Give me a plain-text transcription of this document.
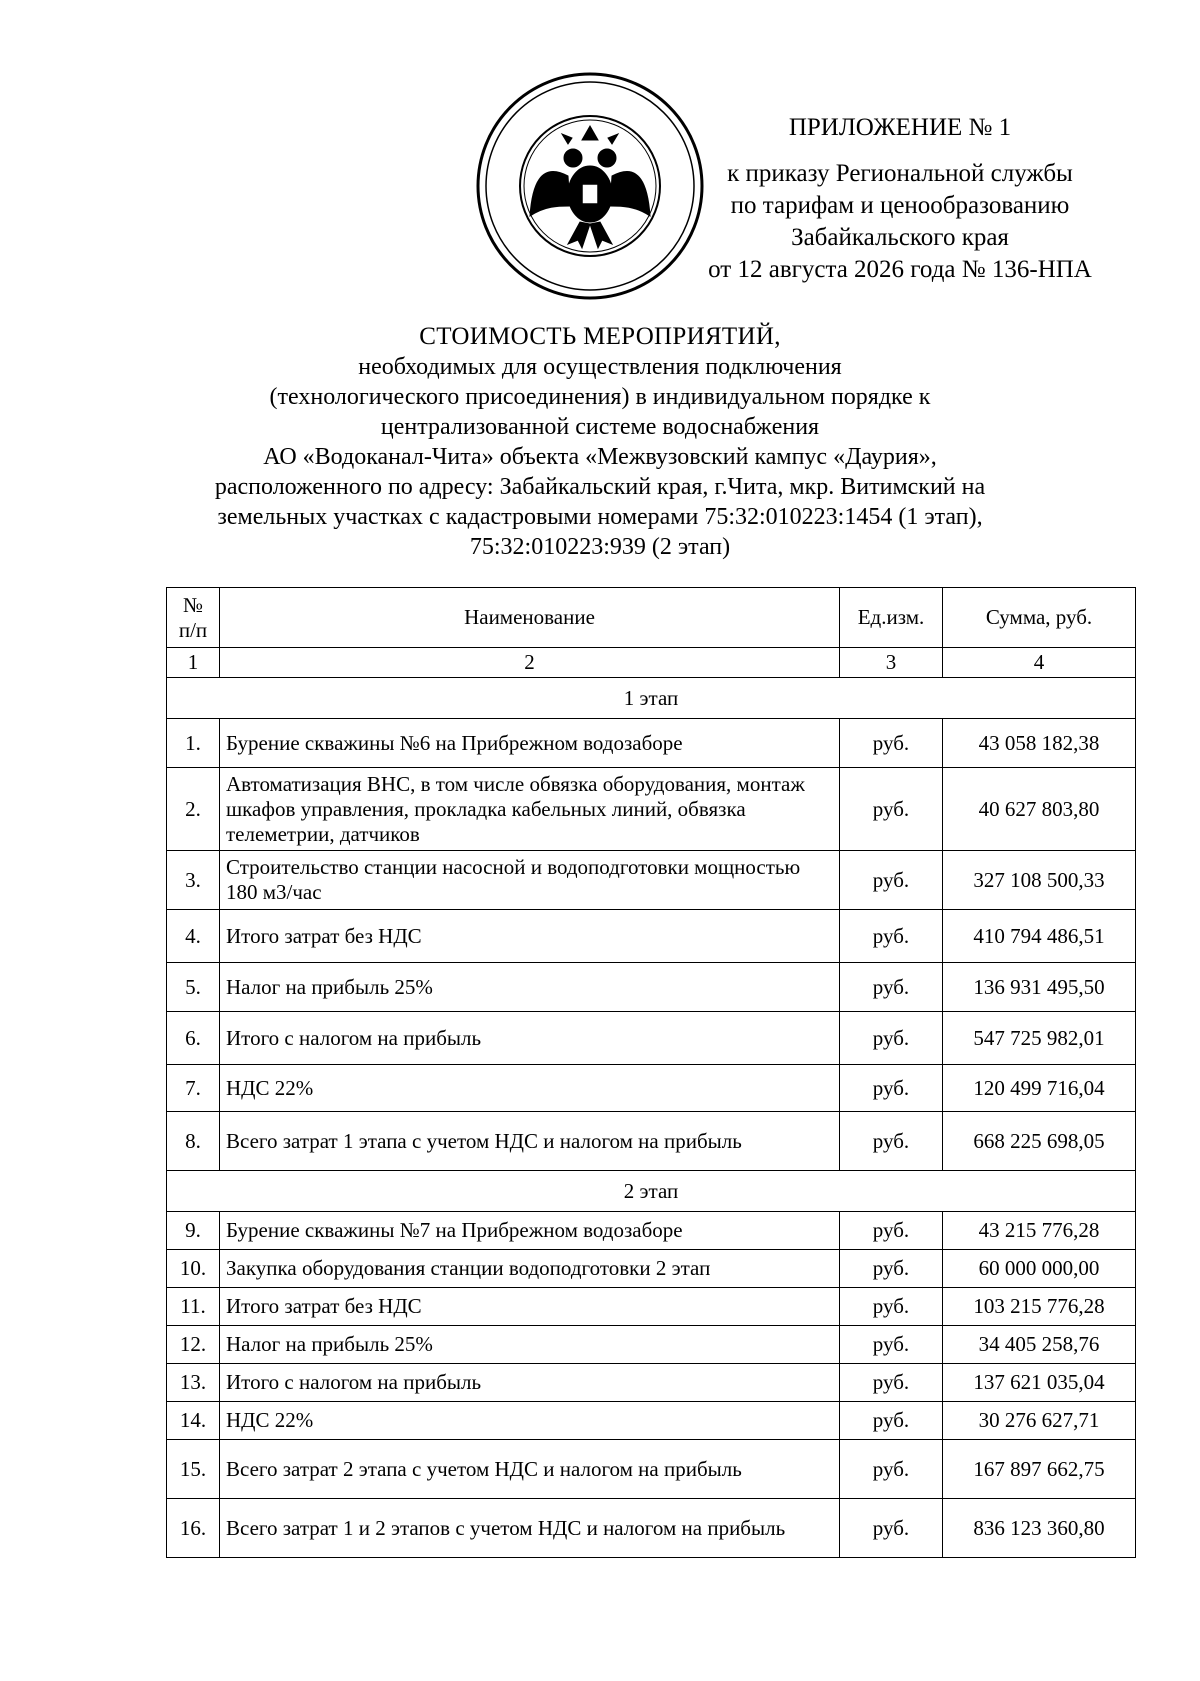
ПРИЛОЖЕНИЕ № 1
к приказу Региональной службы
по тарифам и ценообразованию
Забайкальского края
от 12 августа 2026 года № 136-НПА
СТОИМОСТЬ МЕРОПРИЯТИЙ,
необходимых для осуществления подключения
(технологического присоединения) в индивидуальном порядке к
централизованной системе водоснабжения
АО «Водоканал-Чита» объекта «Межвузовский кампус «Даурия»,
расположенного по адресу: Забайкальский края, г.Чита, мкр. Витимский на
земельных участках с кадастровыми номерами 75:32:010223:1454 (1 этап),
75:32:010223:939 (2 этап)
№ п/п	Наименование	Ед.изм.	Сумма, руб.
1	2	3	4
1 этап			
1.	Бурение скважины №6 на Прибрежном водозаборе	руб.	43 058 182,38
2.	Автоматизация ВНС, в том числе обвязка оборудования, монтаж шкафов управления, прокладка кабельных линий, обвязка телеметрии, датчиков	руб.	40 627 803,80
3.	Строительство станции насосной и водоподготовки мощностью 180 м3/час	руб.	327 108 500,33
4.	Итого затрат без НДС	руб.	410 794 486,51
5.	Налог на прибыль 25%	руб.	136 931 495,50
6.	Итого с налогом на прибыль	руб.	547 725 982,01
7.	НДС 22%	руб.	120 499 716,04
8.	Всего затрат 1 этапа с учетом НДС и налогом на прибыль	руб.	668 225 698,05
2 этап			
9.	Бурение скважины №7 на Прибрежном водозаборе	руб.	43 215 776,28
10.	Закупка оборудования станции водоподготовки 2 этап	руб.	60 000 000,00
11.	Итого затрат без НДС	руб.	103 215 776,28
12.	Налог на прибыль 25%	руб.	34 405 258,76
13.	Итого с налогом на прибыль	руб.	137 621 035,04
14.	НДС 22%	руб.	30 276 627,71
15.	Всего затрат 2 этапа с учетом НДС и налогом на прибыль	руб.	167 897 662,75
16.	Всего затрат 1 и 2 этапов с учетом НДС и налогом на прибыль	руб.	836 123 360,80
